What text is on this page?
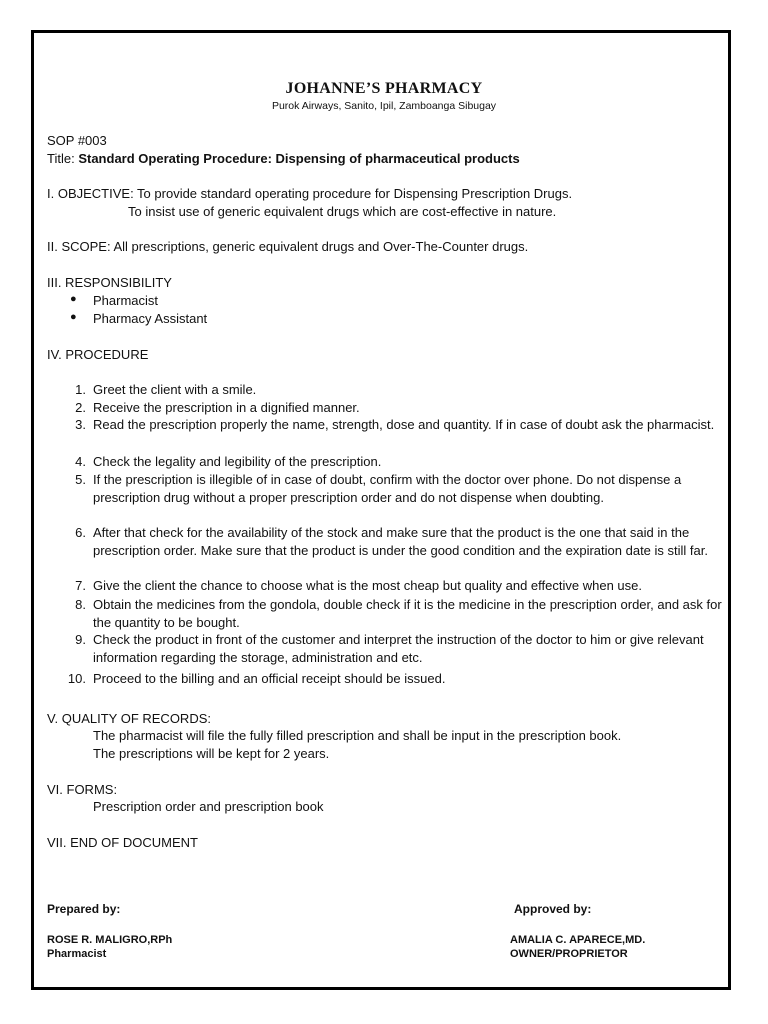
JOHANNE’S PHARMACY
Purok Airways, Sanito, Ipil, Zamboanga Sibugay
SOP #003
Title: Standard Operating Procedure: Dispensing of pharmaceutical products
I. OBJECTIVE: To provide standard operating procedure for Dispensing Prescription Drugs.
To insist use of generic equivalent drugs which are cost-effective in nature.
II. SCOPE: All prescriptions, generic equivalent drugs and Over-The-Counter drugs.
III. RESPONSIBILITY
● Pharmacist
● Pharmacy Assistant
IV. PROCEDURE
1. Greet the client with a smile.
2. Receive the prescription in a dignified manner.
3. Read the prescription properly the name, strength, dose and quantity. If in case of doubt ask the pharmacist.
4. Check the legality and legibility of the prescription.
5. If the prescription is illegible of in case of doubt, confirm with the doctor over phone. Do not dispense a prescription drug without a proper prescription order and do not dispense when doubting.
6. After that check for the availability of the stock and make sure that the product is the one that said in the prescription order. Make sure that the product is under the good condition and the expiration date is still far.
7. Give the client the chance to choose what is the most cheap but quality and effective when use.
8. Obtain the medicines from the gondola, double check if it is the medicine in the prescription order, and ask for the quantity to be bought.
9. Check the product in front of the customer and interpret the instruction of the doctor to him or give relevant information regarding the storage, administration and etc.
10. Proceed to the billing and an official receipt should be issued.
V. QUALITY OF RECORDS:
The pharmacist will file the fully filled prescription and shall be input in the prescription book.
The prescriptions will be kept for 2 years.
VI. FORMS:
Prescription order and prescription book
VII. END OF DOCUMENT
Prepared by:	Approved by:
ROSE R. MALIGRO,RPh
Pharmacist
AMALIA C. APARECE,MD.
OWNER/PROPRIETOR
